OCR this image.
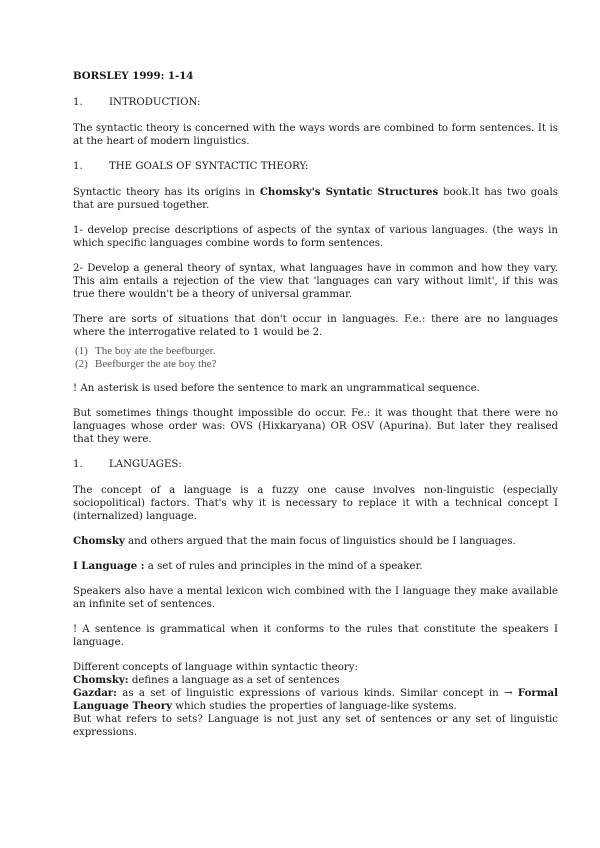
BORSLEY 1999: 1-14

1.	INTRODUCTION:

The syntactic theory is concerned with the ways words are combined to form sentences. It is at the heart of modern linguistics.

1.	THE GOALS OF SYNTACTIC THEORY:

Syntactic theory has its origins in Chomsky's Syntatic Structures book.It has two goals that are pursued together.

1- develop precise descriptions of aspects of the syntax of various languages. (the ways in which specific languages combine words to form sentences.

2- Develop a general theory of syntax, what languages have in common and how they vary. This aim entails a rejection of the view that 'languages can vary without limit', if this was true there wouldn't be a theory of universal grammar.

There are sorts of situations that don't occur in languages. F.e.: there are no languages where the interrogative related to 1 would be 2.

(1) The boy ate the beefburger.
(2) Beefburger the ate boy the?

! An asterisk is used before the sentence to mark an ungrammatical sequence.

But sometimes things thought impossible do occur. Fe.: it was thought that there were no languages whose order was: OVS (Hixkaryana) OR OSV (Apurina). But later they realised that they were.

1.	LANGUAGES:

The concept of a language is a fuzzy one cause involves non-linguistic (especially sociopolitical) factors. That's why it is necessary to replace it with a technical concept I (internalized) language.

Chomsky and others argued that the main focus of linguistics should be I languages.

I Language : a set of rules and principles in the mind of a speaker.

Speakers also have a mental lexicon wich combined with the I language they make available an infinite set of sentences.

! A sentence is grammatical when it conforms to the rules that constitute the speakers I language.

Different concepts of language within syntactic theory:

Chomsky: defines a language as a set of sentences

Gazdar: as a set of linguistic expressions of various kinds. Similar concept in → Formal Language Theory which studies the properties of language-like systems.

But what refers to sets? Language is not just any set of sentences or any set of linguistic expressions.
